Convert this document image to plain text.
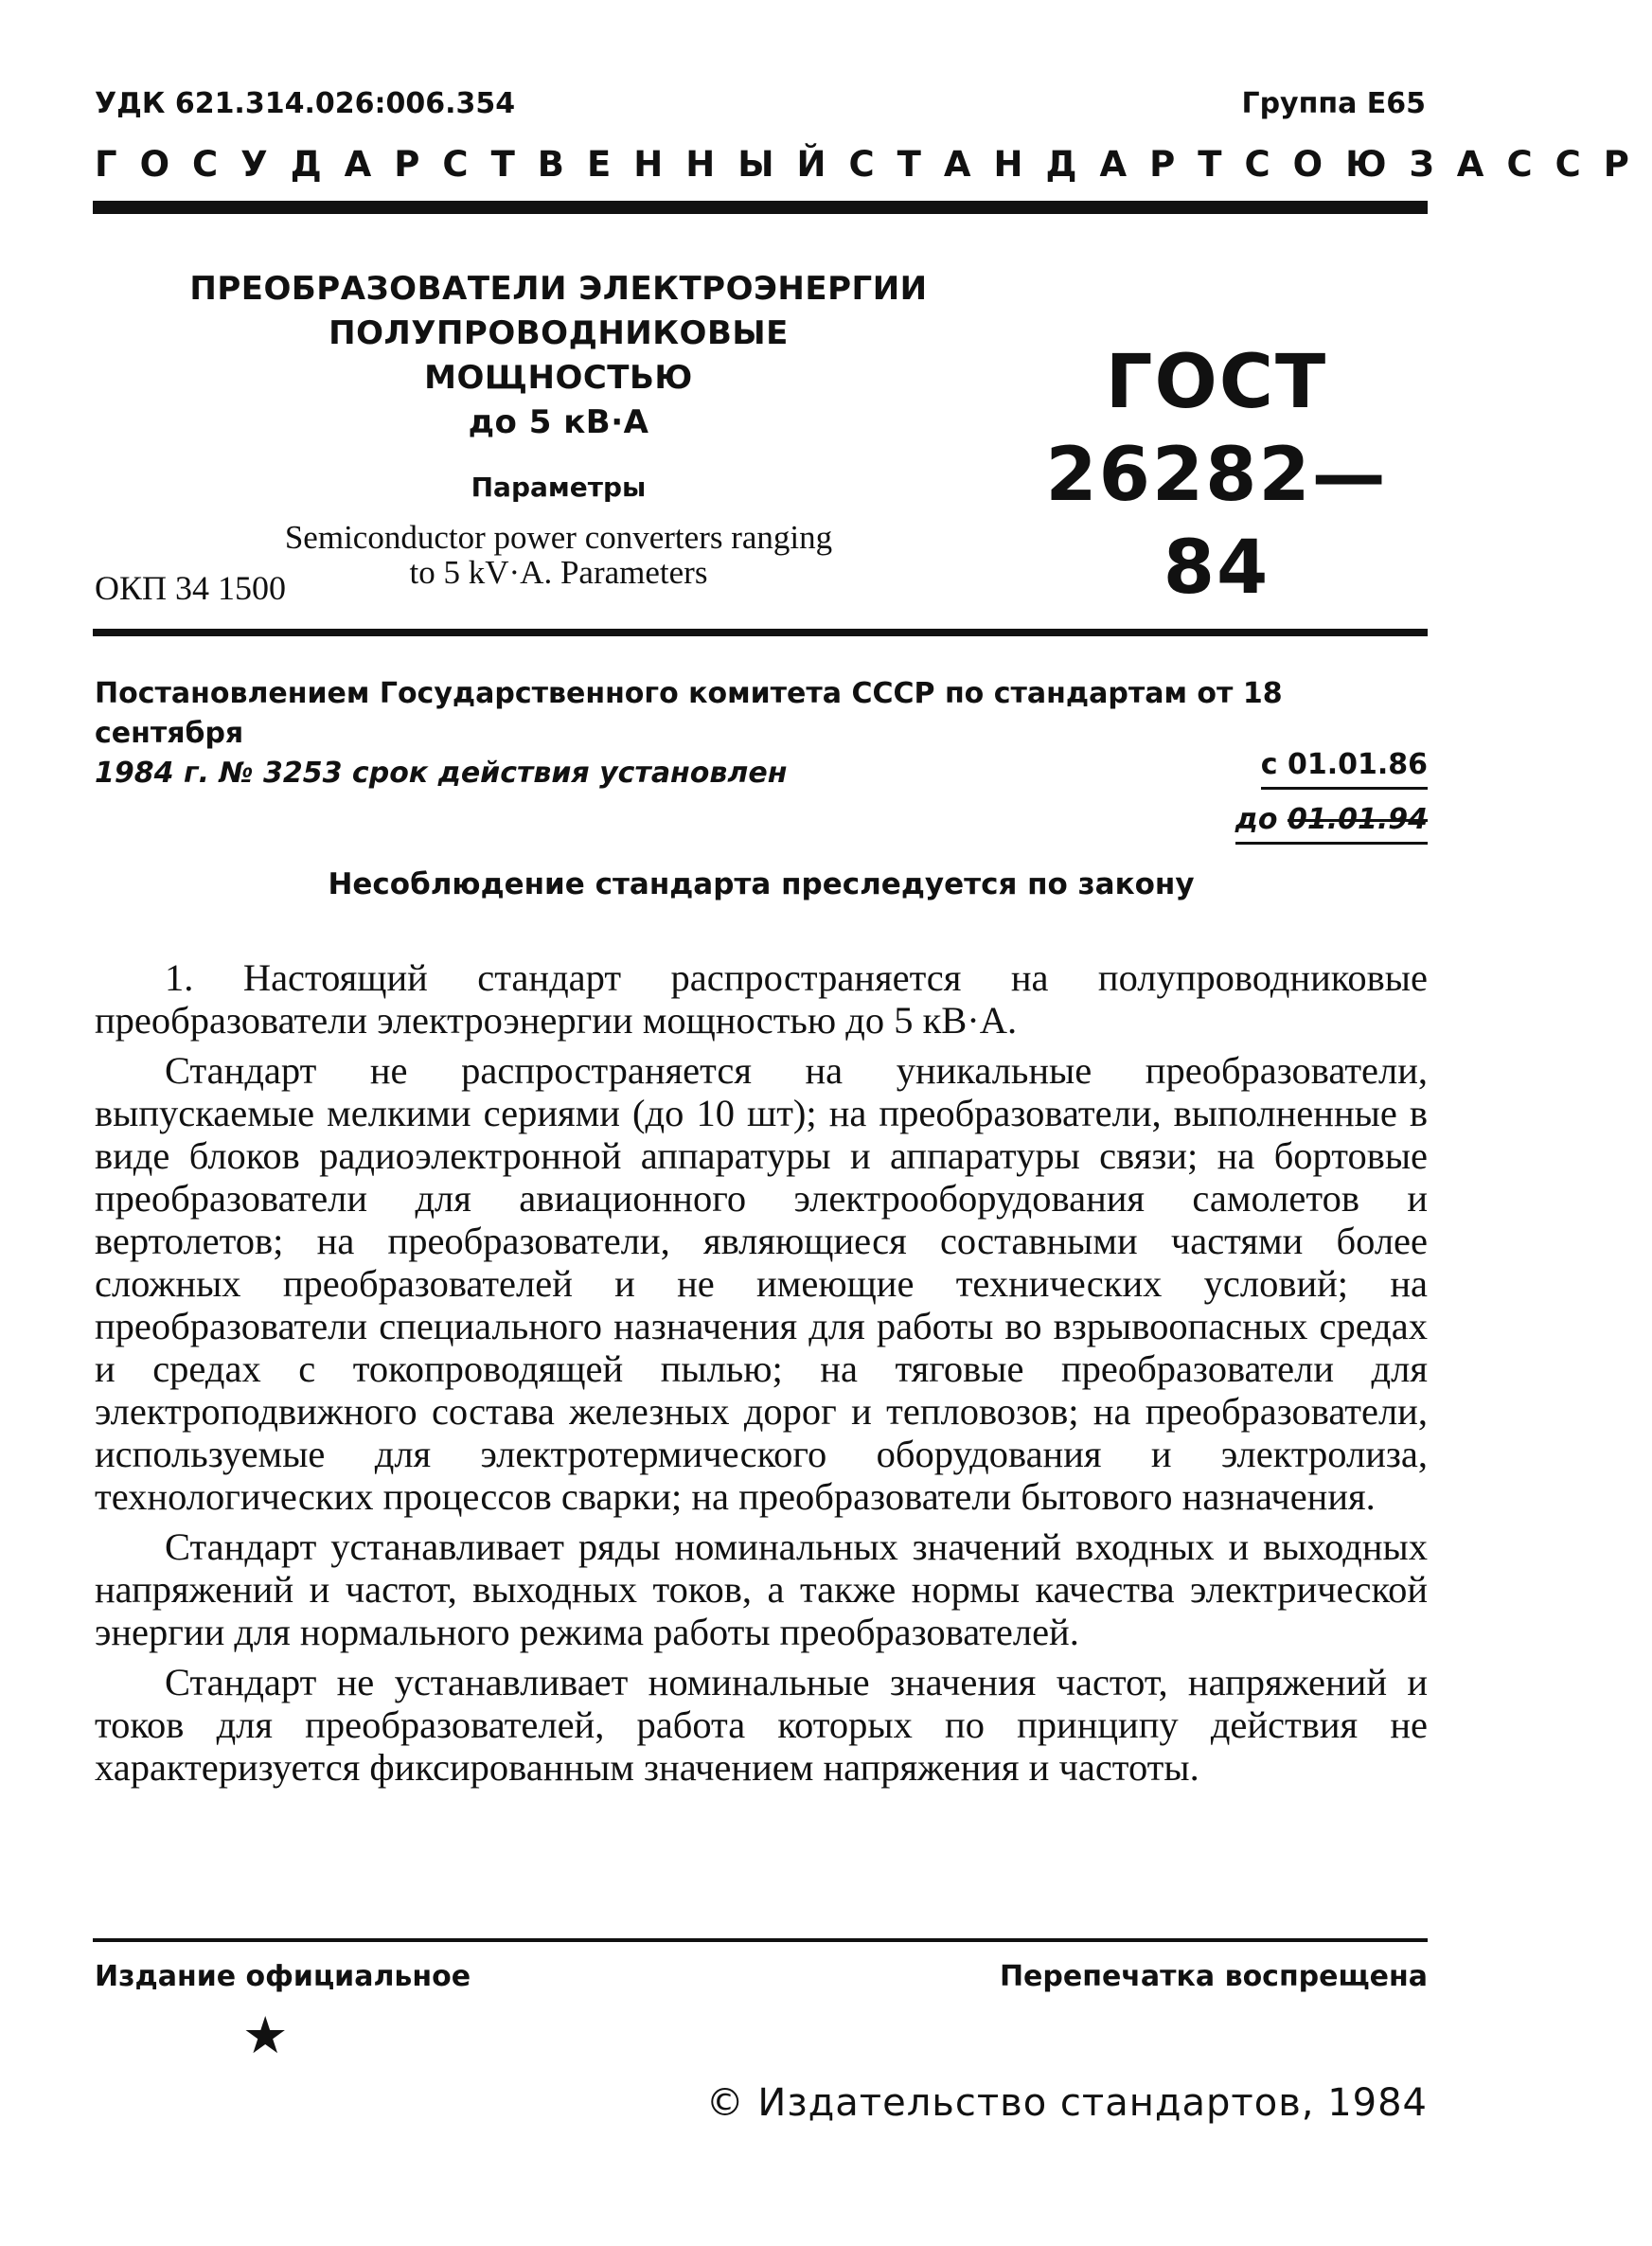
УДК 621.314.026:006.354	Группа Е65
ГОСУДАРСТВЕННЫЙ СТАНДАРТ СОЮЗА ССР
ПРЕОБРАЗОВАТЕЛИ ЭЛЕКТРОЭНЕРГИИ
ПОЛУПРОВОДНИКОВЫЕ МОЩНОСТЬЮ
до 5 кВ·А
Параметры
Semiconductor power converters ranging
to 5 kV·A. Parameters
ГОСТ
26282—84
ОКП 34 1500
Постановлением Государственного комитета СССР по стандартам от 18 сентября
1984 г. № 3253 срок действия установлен	с 01.01.86
до 01.01.94
Несоблюдение стандарта преследуется по закону

1. Настоящий стандарт распространяется на полупроводниковые преобразователи электроэнергии мощностью до 5 кВ·А.

Стандарт не распространяется на уникальные преобразователи, выпускаемые мелкими сериями (до 10 шт); на преобразователи, выполненные в виде блоков радиоэлектронной аппаратуры и аппаратуры связи; на бортовые преобразователи для авиационного электрооборудования самолетов и вертолетов; на преобразователи, являющиеся составными частями более сложных преобразователей и не имеющие технических условий; на преобразователи специального назначения для работы во взрывоопасных средах и средах с токопроводящей пылью; на тяговые преобразователи для электроподвижного состава железных дорог и тепловозов; на преобразователи, используемые для электротермического оборудования и электролиза, технологических процессов сварки; на преобразователи бытового назначения.

Стандарт устанавливает ряды номинальных значений входных и выходных напряжений и частот, выходных токов, а также нормы качества электрической энергии для нормального режима работы преобразователей.

Стандарт не устанавливает номинальные значения частот, напряжений и токов для преобразователей, работа которых по принципу действия не характеризуется фиксированным значением напряжения и частоты.

Издание официальное	Перепечатка воспрещена
★
© Издательство стандартов, 1984
